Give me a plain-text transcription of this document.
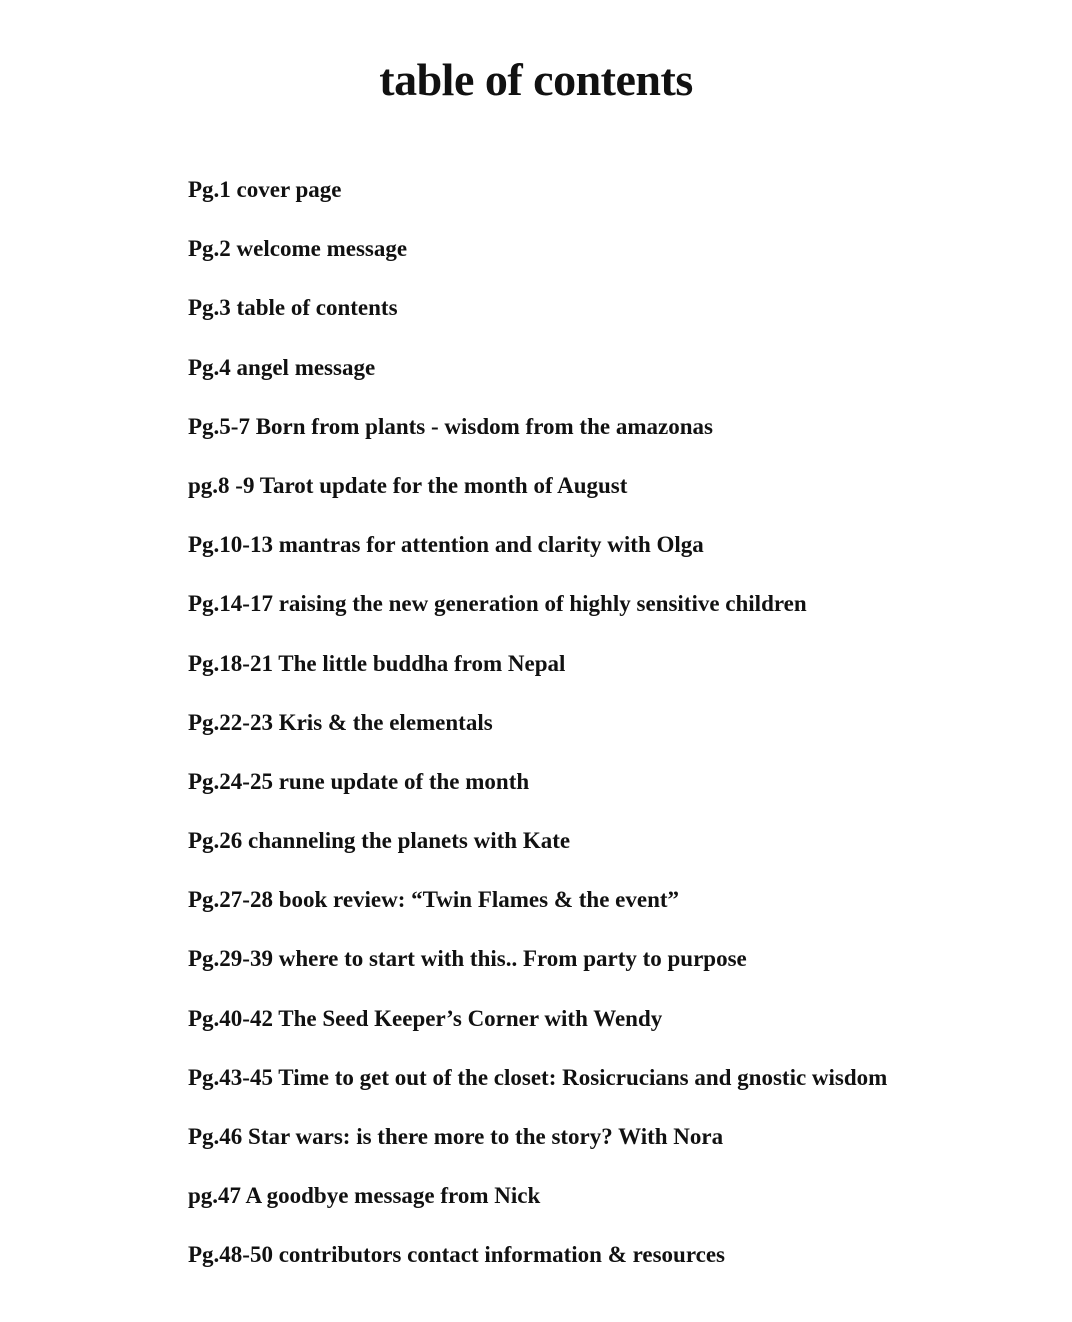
table of contents
Pg.1 cover page
Pg.2 welcome message
Pg.3 table of contents
Pg.4 angel message
Pg.5-7 Born from plants - wisdom from the amazonas
pg.8 -9 Tarot update for the month of August
Pg.10-13 mantras for attention and clarity with Olga
Pg.14-17 raising the new generation of highly sensitive children
Pg.18-21 The little buddha from Nepal
Pg.22-23 Kris & the elementals
Pg.24-25 rune update of the month
Pg.26 channeling the planets with Kate
Pg.27-28 book review: “Twin Flames & the event”
Pg.29-39 where to start with this.. From party to purpose
Pg.40-42 The Seed Keeper’s Corner with Wendy
Pg.43-45 Time to get out of the closet: Rosicrucians and gnostic wisdom
Pg.46 Star wars: is there more to the story? With Nora
pg.47 A goodbye message from Nick
Pg.48-50 contributors contact information & resources
